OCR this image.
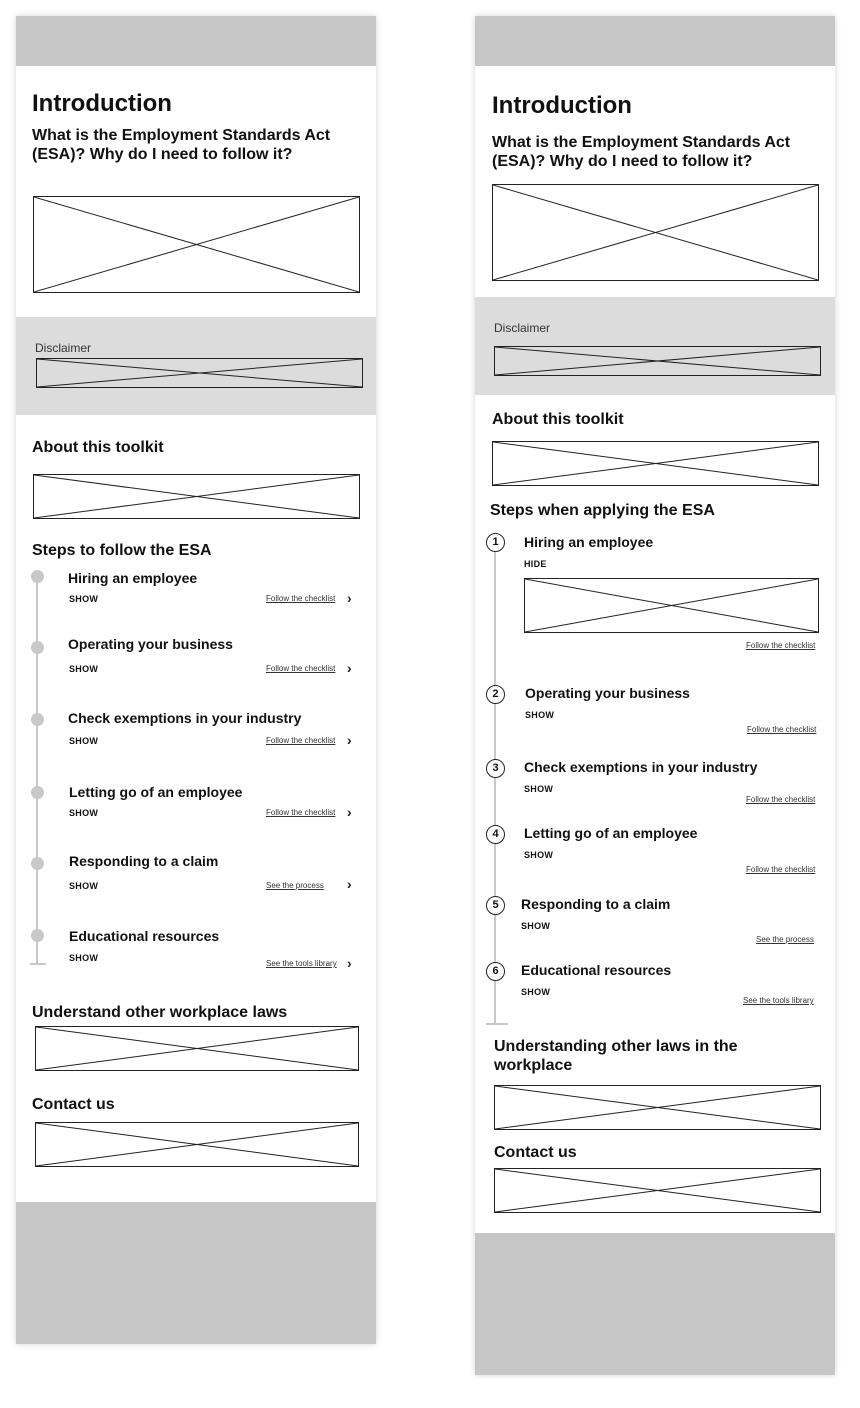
Introduction
What is the Employment Standards Act (ESA)? Why do I need to follow it?
Disclaimer
About this toolkit
Steps to follow the ESA
Hiring an employee
SHOW	Follow the checklist ›
Operating your business
SHOW	Follow the checklist ›
Check exemptions in your industry
SHOW	Follow the checklist ›
Letting go of an employee
SHOW	Follow the checklist ›
Responding to a claim
SHOW	See the process ›
Educational resources
SHOW
See the tools library ›
Understand other workplace laws
Contact us
Introduction
What is the Employment Standards Act (ESA)? Why do I need to follow it?
Disclaimer
About this toolkit
Steps when applying the ESA
1	Hiring an employee
HIDE
Follow the checklist
2	Operating your business
SHOW
Follow the checklist
3	Check exemptions in your industry
SHOW
Follow the checklist
4	Letting go of an employee
SHOW
Follow the checklist
5	Responding to a claim
SHOW
See the process
6	Educational resources
SHOW
See the tools library
Understanding other laws in the workplace
Contact us
